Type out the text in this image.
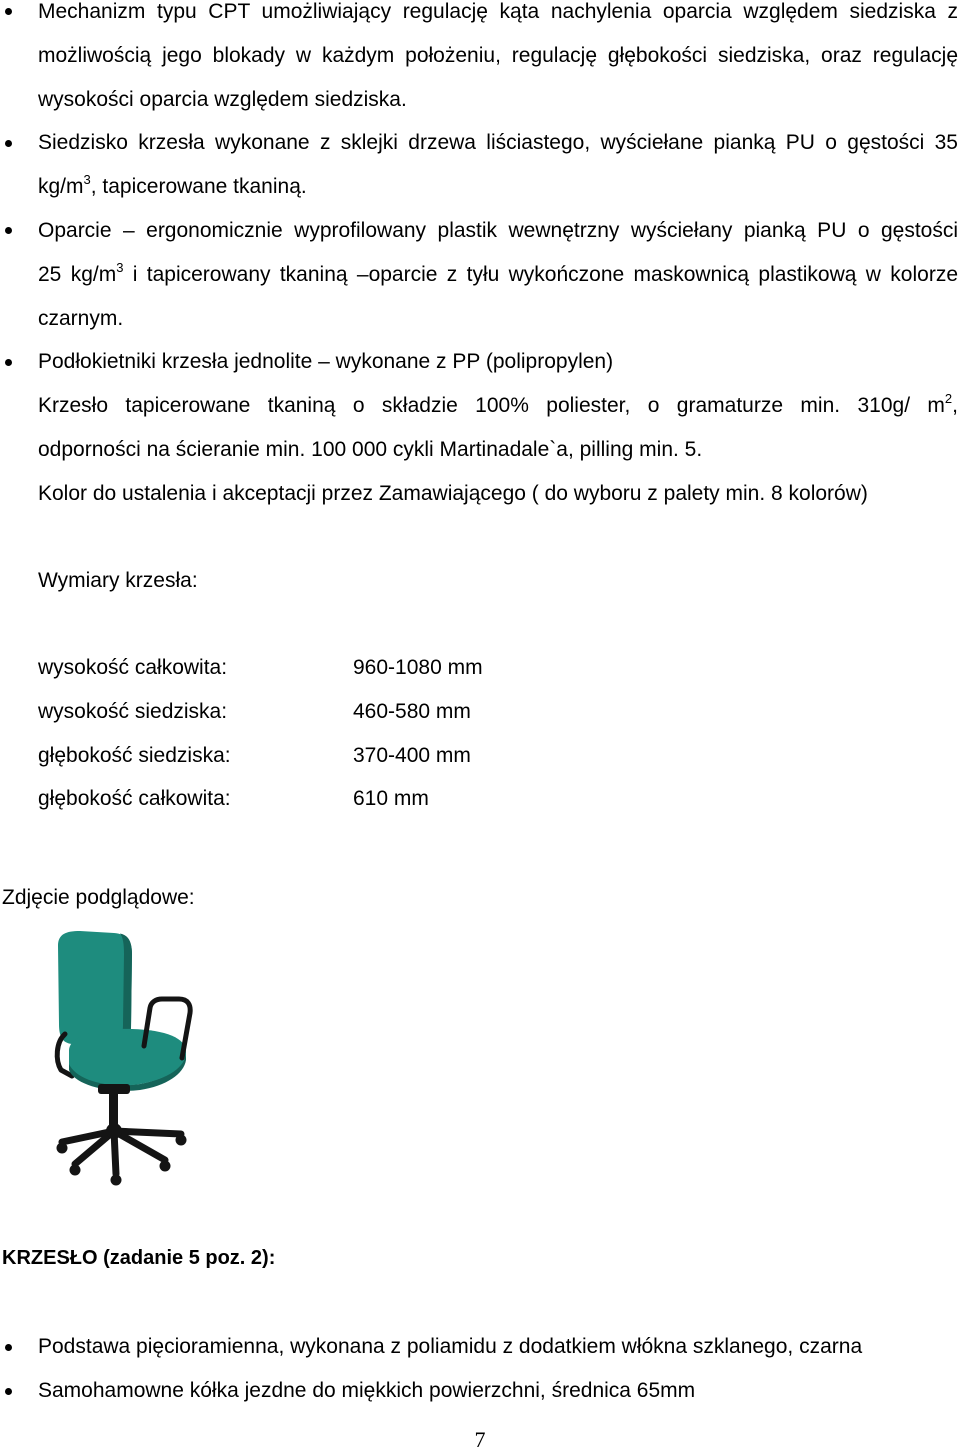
Mechanizm typu CPT umożliwiający regulację kąta nachylenia oparcia względem siedziska z
możliwością jego blokady w każdym położeniu, regulację głębokości siedziska, oraz regulację
wysokości oparcia względem siedziska.
Siedzisko krzesła wykonane z sklejki drzewa liściastego, wyściełane pianką PU o gęstości 35
$kg/m^3$, tapicerowane tkaniną.
Oparcie – ergonomicznie wyprofilowany plastik wewnętrzny wyściełany pianką PU o gęstości
25 $kg/m^3$ i tapicerowany tkaniną –oparcie z tyłu wykończone maskownicą plastikową w kolorze
czarnym.
Podłokietniki krzesła jednolite – wykonane z PP (polipropylen)
Krzesło tapicerowane tkaniną o składzie 100% poliester, o gramaturze min. 310g/ $m^2$,
odporności na ścieranie min. 100 000 cykli Martinadale`a, pilling min. 5.
Kolor do ustalenia i akceptacji przez Zamawiającego ( do wyboru z palety min. 8 kolorów)
Wymiary krzesła:
wysokość całkowita:	960-1080 mm
wysokość siedziska:	460-580 mm
głębokość siedziska:	370-400 mm
głębokość całkowita:	610 mm
Zdjęcie podglądowe:
KRZESŁO (zadanie 5 poz. 2):
Podstawa pięcioramienna, wykonana z poliamidu z dodatkiem włókna szklanego, czarna
Samohamowne kółka jezdne do miękkich powierzchni, średnica 65mm
7
